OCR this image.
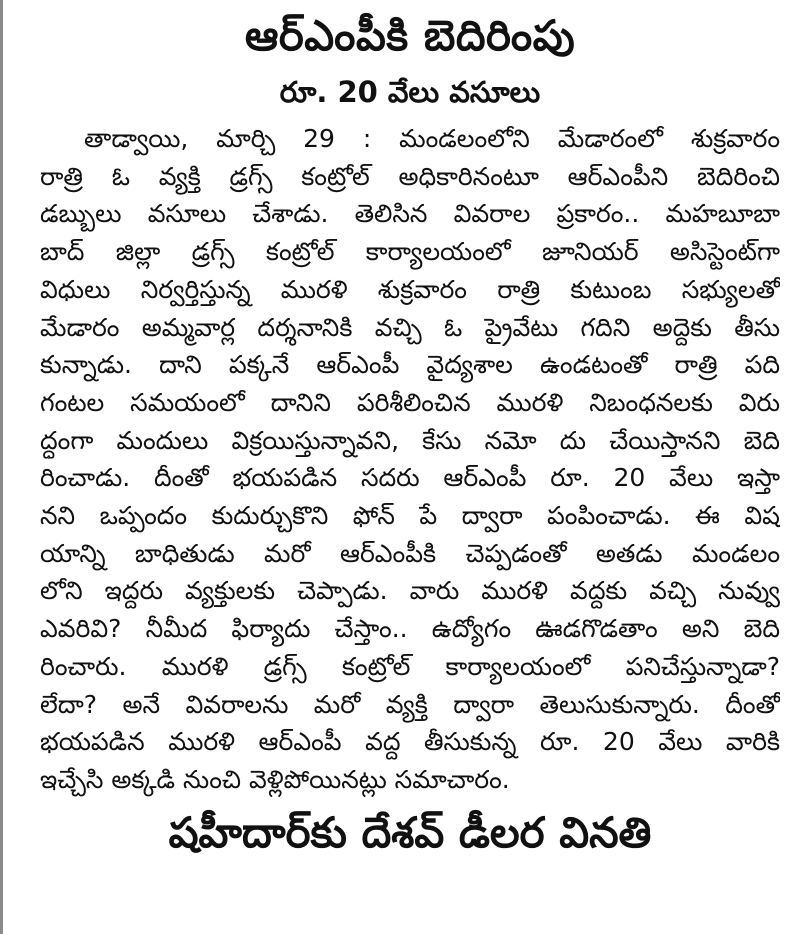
ఆర్ఎంపీకి బెదిరింపు
రూ. 20 వేలు వసూలు
తాడ్వాయి, మార్చి 29 : మండలంలోని మేడారంలో శుక్రవారం
రాత్రి ఓ వ్యక్తి డ్రగ్స్ కంట్రోల్ అధికారినంటూ ఆర్ఎంపీని బెదిరించి
డబ్బులు వసూలు చేశాడు. తెలిసిన వివరాల ప్రకారం.. మహబూబా
బాద్ జిల్లా డ్రగ్స్ కంట్రోల్ కార్యాలయంలో జూనియర్ అసిస్టెంట్‌గా
విధులు నిర్వర్తిస్తున్న మురళి శుక్రవారం రాత్రి కుటుంబ సభ్యులతో
మేడారం అమ్మవార్ల దర్శనానికి వచ్చి ఓ ప్రైవేటు గదిని అద్దెకు తీసు
కున్నాడు. దాని పక్కనే ఆర్ఎంపీ వైద్యశాల ఉండటంతో రాత్రి పది
గంటల సమయంలో దానిని పరిశీలించిన మురళి నిబంధనలకు విరు
ద్ధంగా మందులు విక్రయిస్తున్నావని, కేసు నమో దు చేయిస్తానని బెది
రించాడు. దీంతో భయపడిన సదరు ఆర్ఎంపీ రూ. 20 వేలు ఇస్తా
నని ఒప్పందం కుదుర్చుకొని ఫోన్ పే ద్వారా పంపించాడు. ఈ విష
యాన్ని బాధితుడు మరో ఆర్ఎంపీకి చెప్పడంతో అతడు మండలం
లోని ఇద్దరు వ్యక్తులకు చెప్పాడు. వారు మురళి వద్దకు వచ్చి నువ్వు
ఎవరివి? నీమీద ఫిర్యాదు చేస్తాం.. ఉద్యోగం ఊడగొడతాం అని బెది
రించారు. మురళి డ్రగ్స్ కంట్రోల్ కార్యాలయంలో పనిచేస్తున్నాడా?
లేదా? అనే వివరాలను మరో వ్యక్తి ద్వారా తెలుసుకున్నారు. దీంతో
భయపడిన మురళి ఆర్ఎంపీ వద్ద తీసుకున్న రూ. 20 వేలు వారికి
ఇచ్చేసి అక్కడి నుంచి వెళ్లిపోయినట్లు సమాచారం.
షహీదార్‌కు దేశవ్ డీలర వినతి
